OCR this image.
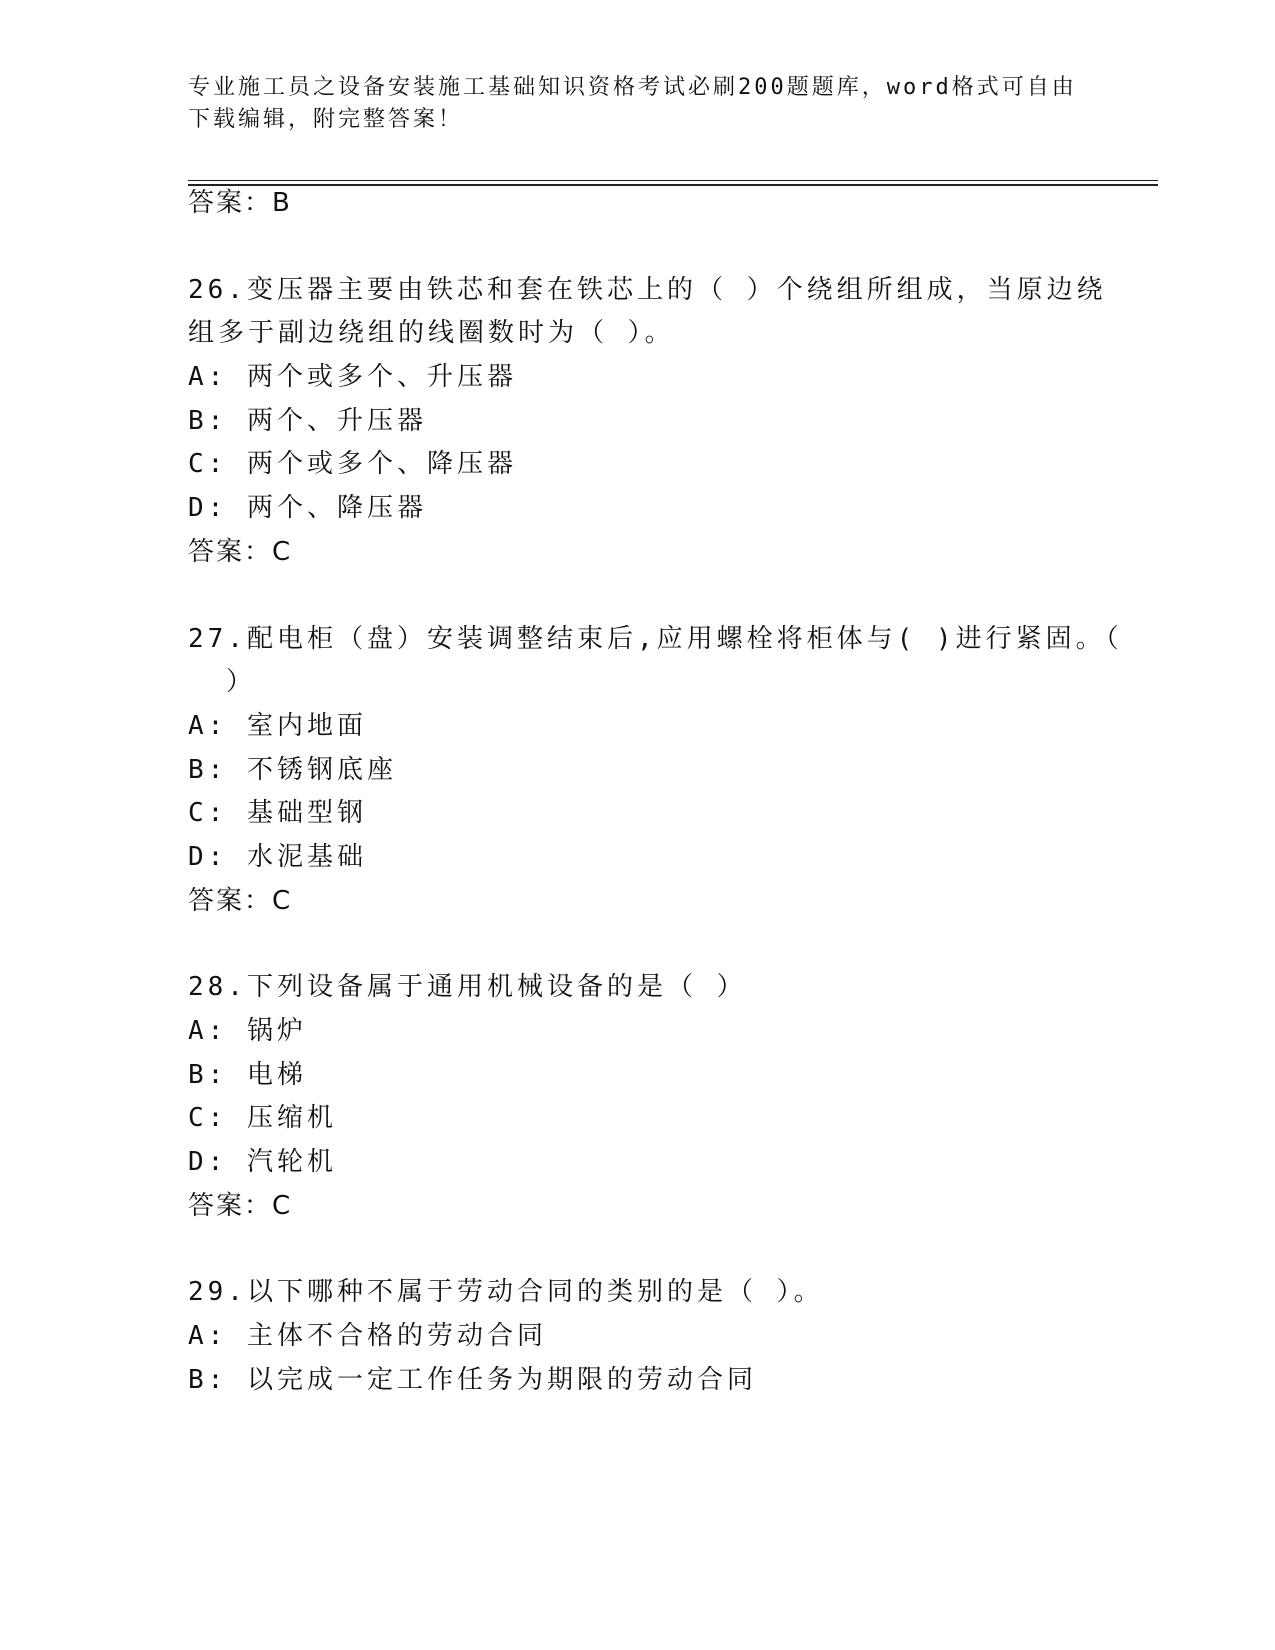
专业施工员之设备安装施工基础知识资格考试必刷200题题库，word格式可自由下载编辑，附完整答案！
答案：B
26.变压器主要由铁芯和套在铁芯上的（ ）个绕组所组成，当原边绕
组多于副边绕组的线圈数时为（ ）。
A: 两个或多个、升压器
B: 两个、升压器
C: 两个或多个、降压器
D: 两个、降压器
答案：C
27.配电柜（盘）安装调整结束后,应用螺栓将柜体与( )进行紧固。（
）
A: 室内地面
B: 不锈钢底座
C: 基础型钢
D: 水泥基础
答案：C
28.下列设备属于通用机械设备的是（ ）
A: 锅炉
B: 电梯
C: 压缩机
D: 汽轮机
答案：C
29.以下哪种不属于劳动合同的类别的是（ ）。
A: 主体不合格的劳动合同
B: 以完成一定工作任务为期限的劳动合同
